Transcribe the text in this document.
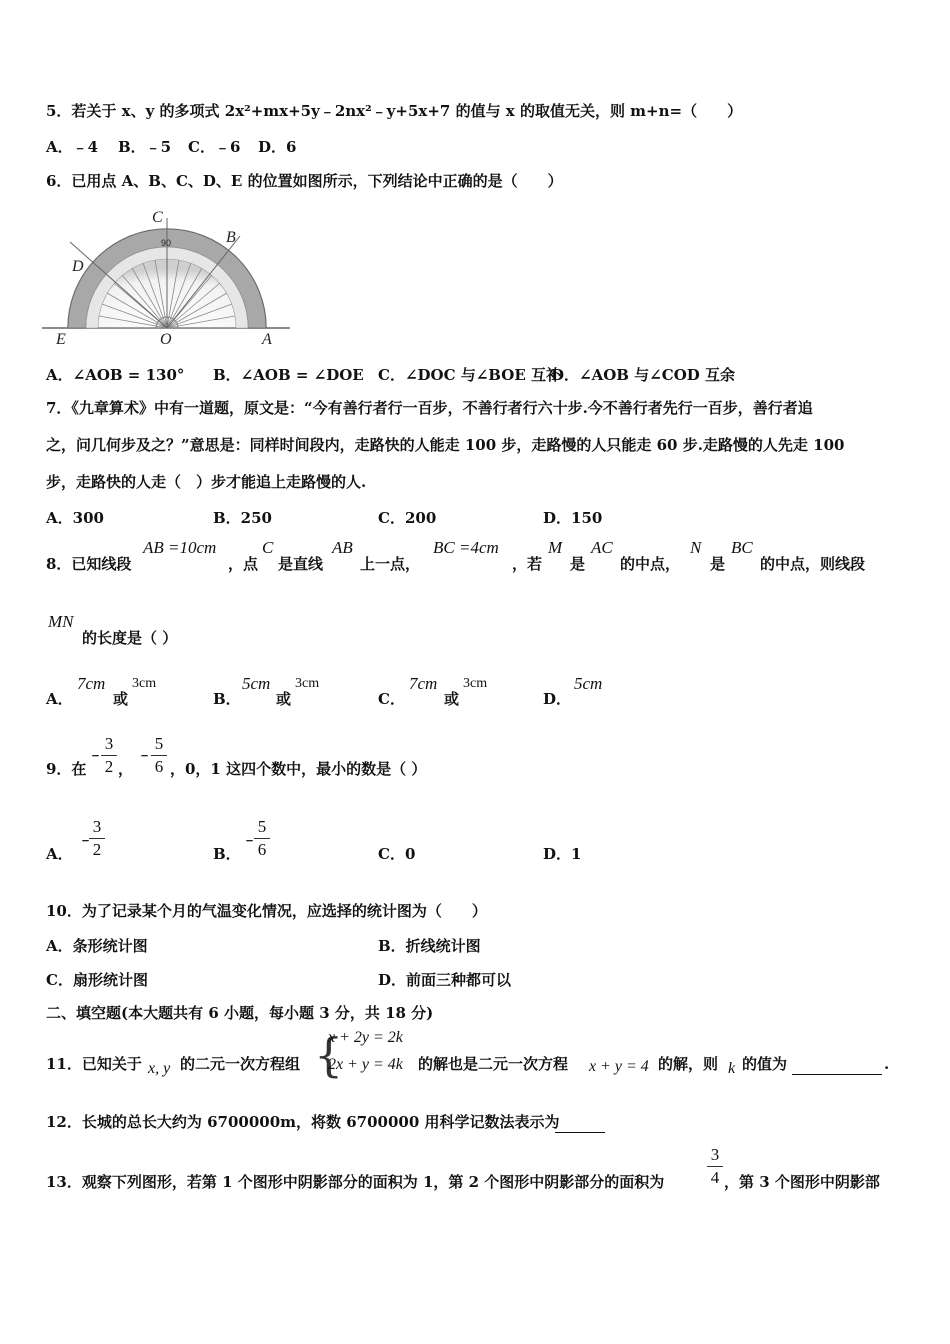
5．若关于 x、y 的多项式 2x²+mx+5y﹣2nx²﹣y+5x+7 的值与 x 的取值无关，则 m+n=（　　）
A．﹣4 B．﹣5 C．﹣6 D．6
6．已用点 A、B、C、D、E 的位置如图所示，下列结论中正确的是（　　）
C
B
D
E	O	A
90
A．∠AOB = 130° B．∠AOB = ∠DOE C．∠DOC 与∠BOE 互补
D．∠AOB 与∠COD 互余
7．《九章算术》中有一道题，原文是：“今有善行者行一百步，不善行者行六十步.今不善行者先行一百步，善行者追
之，问几何步及之？”意思是：同样时间段内，走路快的人能走 100 步，走路慢的人只能走 60 步.走路慢的人先走 100
步，走路快的人走（　）步才能追上走路慢的人.
A．300	B．250	C．200	D．150
8．已知线段
AB =10cm
，点
C
是直线
AB
上一点，
BC =4cm
，若
M
是
AC
的中点，
N
是
BC
的中点，则线段
MN
的长度是（ ）
A．
7cm
或
3cm
B．
5cm
或
3cm
C．
7cm
或
3cm
D．
5cm
9．在
﹣
$\frac{3}{2}$ ，
﹣
$\frac{5}{6}$ ，0，1 这四个数中，最小的数是（ ）
A．
﹣
$\frac{3}{2}$	B．
﹣
$\frac{5}{6}$	C．0	D．1
10．为了记录某个月的气温变化情况，应选择的统计图为（　　）
A．条形统计图	B．折线统计图
C．扇形统计图	D．前面三种都可以
二、填空题(本大题共有 6 小题，每小题 3 分，共 18 分)
11．已知关于 x, y 的二元一次方程组 {
x + 2y = 2k
2x + y = 4k 的解也是二元一次方程 x + y = 4 的解，则 k 的值为
	.
12．长城的总长大约为 6700000m，将数 6700000 用科学记数法表示为

13．观察下列图形，若第 1 个图形中阴影部分的面积为 1，第 2 个图形中阴影部分的面积为	$\frac{3}{4}$ ，第 3 个图形中阴影部
